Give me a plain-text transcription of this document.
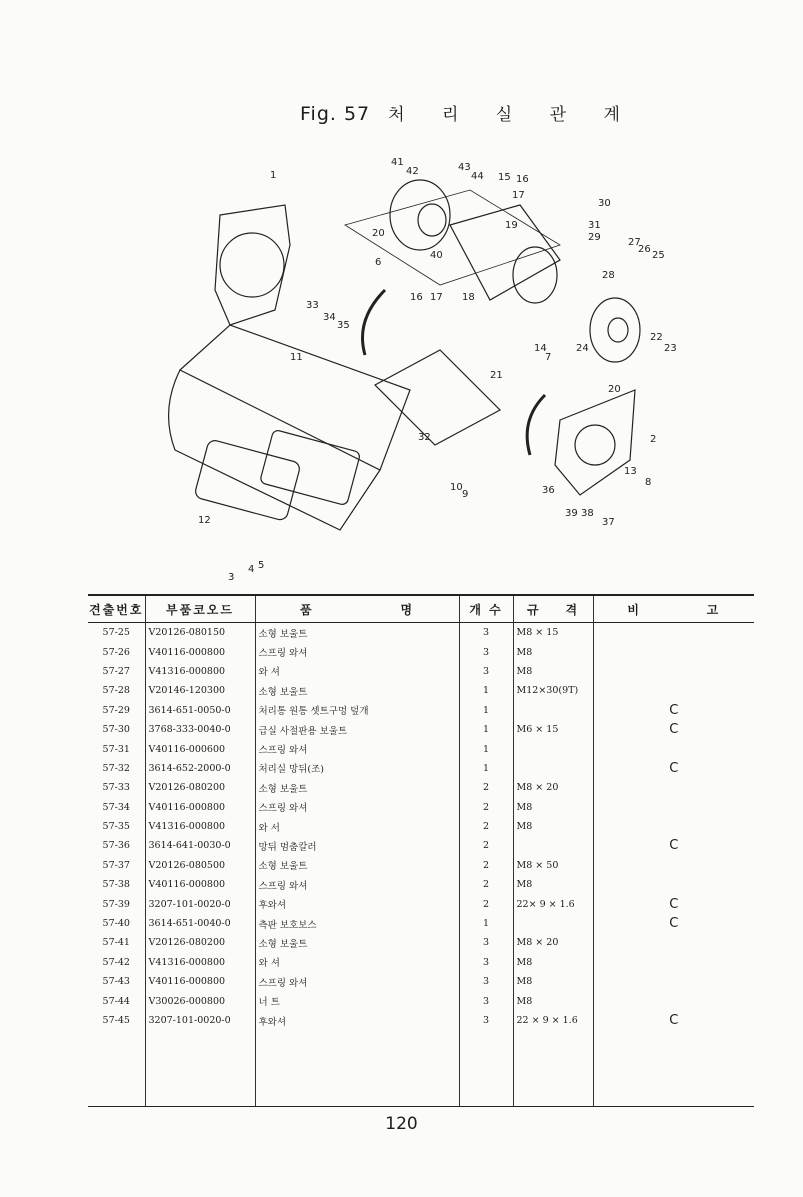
Fig. 57 처 리 실 관 계
1
2
3
4 5
6
7
8
9
10
11
12
13
14
15 16
16
17
17 18
19
20
20
21
22
23
24
25
26
27
28
29
30
31
32
33
34
35
36
37
38
39
40
41
42	43
44
견출번호	부품코오드	품 명	개 수	규 격	비 고

57-25	V20126-080150	소형 보울트	3	M8 × 15	
57-26	V40116-000800	스프링 와셔	3	M8	
57-27	V41316-000800	와 셔	3	M8	
57-28	V20146-120300	소형 보울트	1	M12×30(9T)	
57-29	3614-651-0050-0	처리통 원통 셋트구멍 덮개	1		C
57-30	3768-333-0040-0	급실 사절판용 보울트	1	M6 × 15	C
57-31	V40116-000600	스프링 와셔	1		
57-32	3614-652-2000-0	처리실 망뒤(조)	1		C
57-33	V20126-080200	소형 보울트	2	M8 × 20	
57-34	V40116-000800	스프링 와셔	2	M8	
57-35	V41316-000800	와 서	2	M8	
57-36	3614-641-0030-0	망뒤 멈춤칼러	2		C
57-37	V20126-080500	소형 보울트	2	M8 × 50	
57-38	V40116-000800	스프링 와셔	2	M8	
57-39	3207-101-0020-0	후와셔	2	22× 9 × 1.6	C
57-40	3614-651-0040-0	측판 보호보스	1		C
57-41	V20126-080200	소형 보울트	3	M8 × 20	
57-42	V41316-000800	와 셔	3	M8	
57-43	V40116-000800	스프링 와셔	3	M8	
57-44	V30026-000800	너 트	3	M8	
57-45	3207-101-0020-0	후와셔	3	22 × 9 × 1.6	C

120
